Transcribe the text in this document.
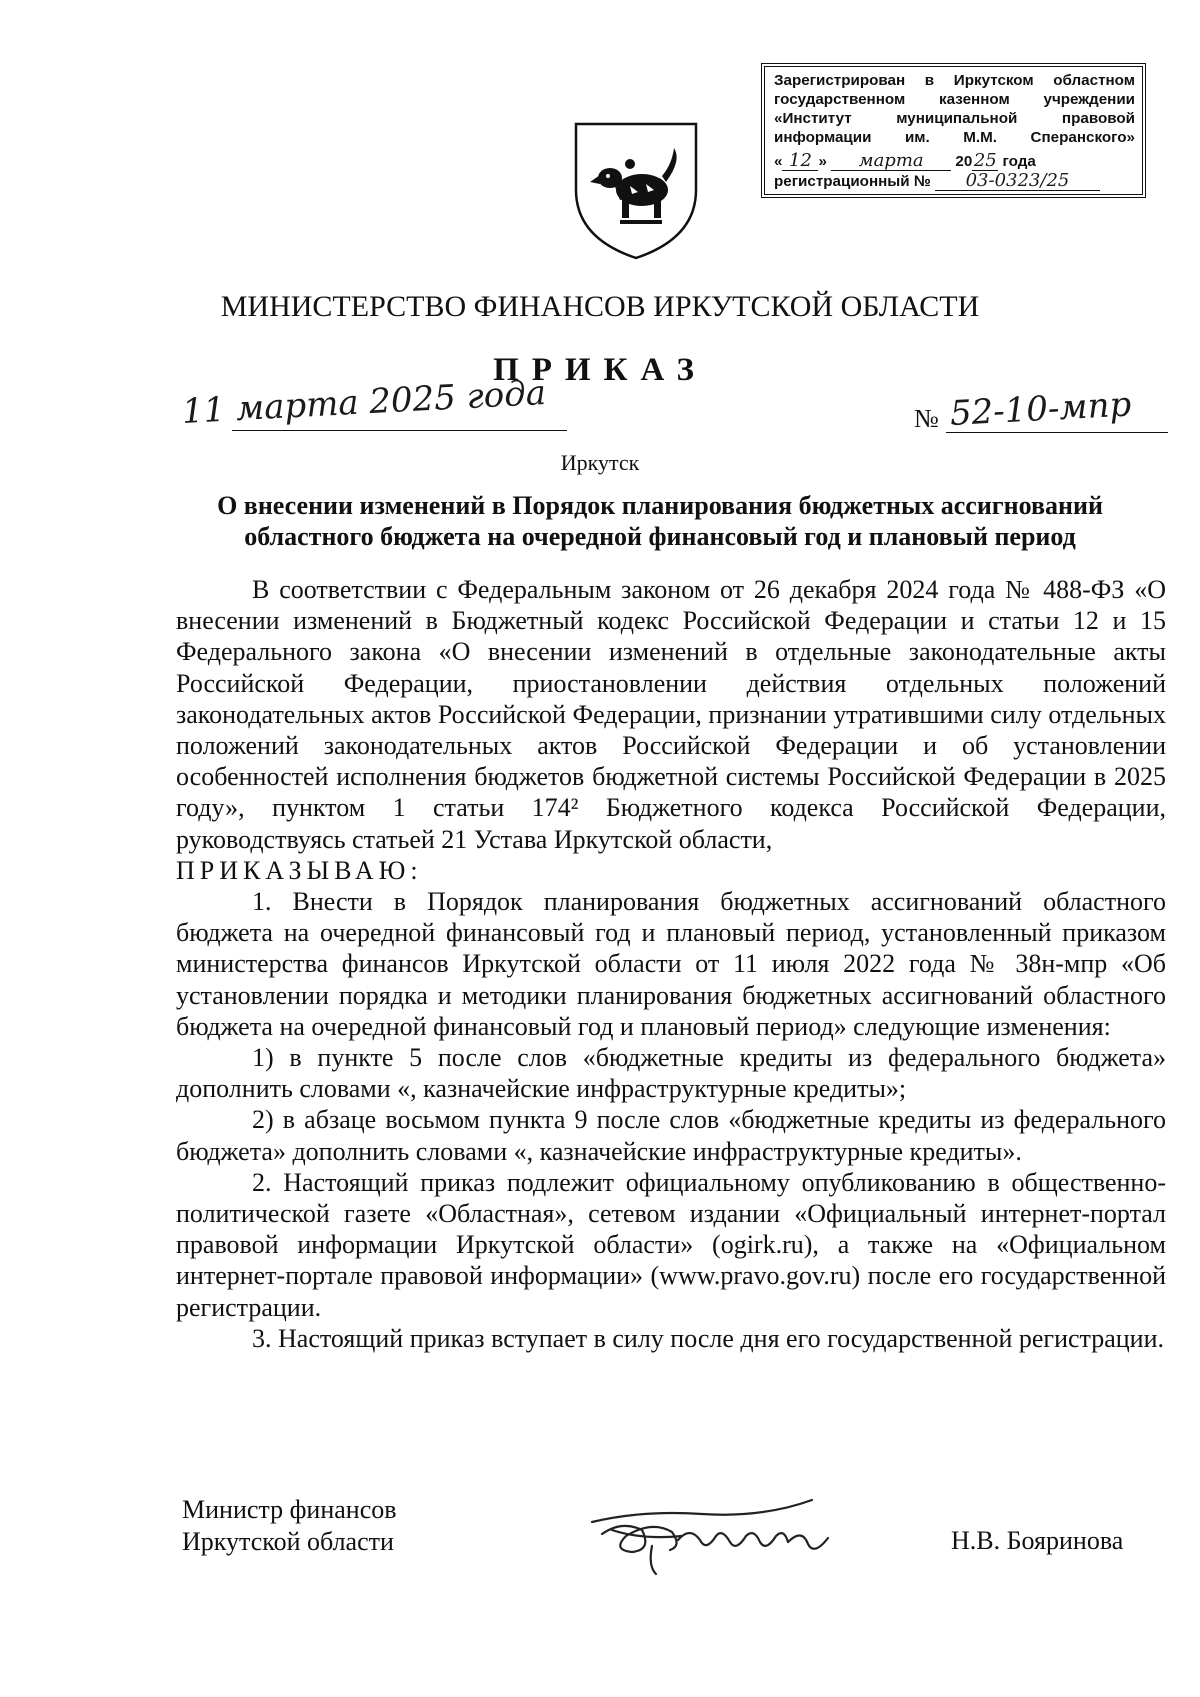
Зарегистрирован в Иркутском областном
государственном казенном учреждении
«Институт муниципальной правовой
информации им. М.М. Сперанского»
« 12 » марта 2025 года
регистрационный № 03-0323/25
МИНИСТЕРСТВО ФИНАНСОВ ИРКУТСКОЙ ОБЛАСТИ
ПРИКАЗ
11 марта 2025 года	№ 52-10-мпр
Иркутск
О внесении изменений в Порядок планирования бюджетных ассигнований
областного бюджета на очередной финансовый год и плановый период

В соответствии с Федеральным законом от 26 декабря 2024 года № 488-ФЗ «О внесении изменений в Бюджетный кодекс Российской Федерации и статьи 12 и 15 Федерального закона «О внесении изменений в отдельные законодательные акты Российской Федерации, приостановлении действия отдельных положений законодательных актов Российской Федерации, признании утратившими силу отдельных положений законодательных актов Российской Федерации и об установлении особенностей исполнения бюджетов бюджетной системы Российской Федерации в 2025 году», пунктом 1 статьи 174² Бюджетного кодекса Российской Федерации, руководствуясь статьей 21 Устава Иркутской области,

ПРИКАЗЫВАЮ:

1. Внести в Порядок планирования бюджетных ассигнований областного бюджета на очередной финансовый год и плановый период, установленный приказом министерства финансов Иркутской области от 11 июля 2022 года № 38н-мпр «Об установлении порядка и методики планирования бюджетных ассигнований областного бюджета на очередной финансовый год и плановый период» следующие изменения:

1) в пункте 5 после слов «бюджетные кредиты из федерального бюджета» дополнить словами «, казначейские инфраструктурные кредиты»;

2) в абзаце восьмом пункта 9 после слов «бюджетные кредиты из федерального бюджета» дополнить словами «, казначейские инфраструктурные кредиты».

2. Настоящий приказ подлежит официальному опубликованию в общественно-политической газете «Областная», сетевом издании «Официальный интернет-портал правовой информации Иркутской области» (ogirk.ru), а также на «Официальном интернет-портале правовой информации» (www.pravo.gov.ru) после его государственной регистрации.

3. Настоящий приказ вступает в силу после дня его государственной регистрации.

Министр финансов
Иркутской области	Н.В. Бояринова
